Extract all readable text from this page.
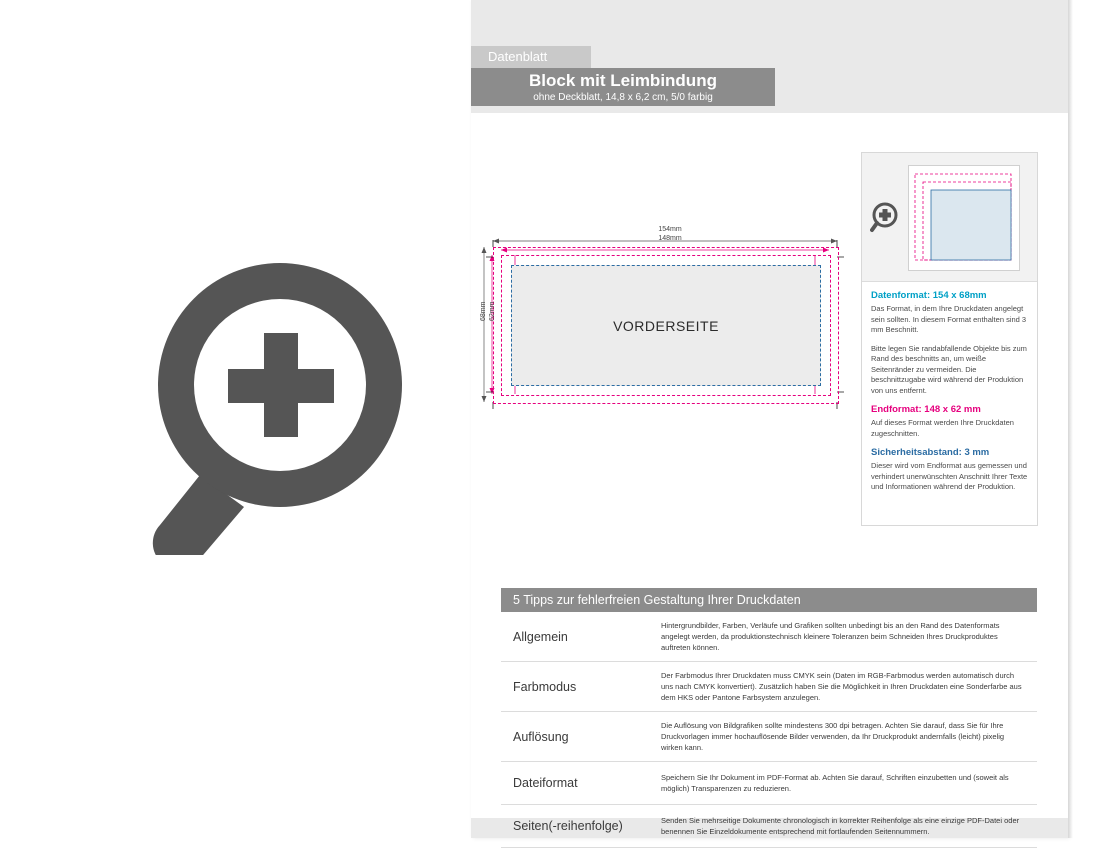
Datenblatt
Block mit Leimbindung
ohne Deckblatt, 14,8 x 6,2 cm, 5/0 farbig
154mm
148mm
VORDERSEITE
68mm 62mm
Datenformat: 154 x 68mm

Das Format, in dem Ihre Druckdaten angelegt sein sollten. In diesem Format enthalten sind 3 mm Beschnitt.

Bitte legen Sie randabfallende Objekte bis zum Rand des beschnitts an, um weiße Seitenränder zu vermeiden. Die beschnittzugabe wird während der Produktion von uns entfernt.

Endformat: 148 x 62 mm

Auf dieses Format werden Ihre Druckdaten zugeschnitten.

Sicherheitsabstand: 3 mm

Dieser wird vom Endformat aus gemessen und verhindert unerwünschten Anschnitt Ihrer Texte und Informationen während der Produktion.

5 Tipps zur fehlerfreien Gestaltung Ihrer Druckdaten
Allgemein
Hintergrundbilder, Farben, Verläufe und Grafiken sollten unbedingt bis an den Rand des Datenformats angelegt werden, da produktionstechnisch kleinere Toleranzen beim Schneiden Ihres Druckproduktes auftreten können.
Farbmodus
Der Farbmodus Ihrer Druckdaten muss CMYK sein (Daten im RGB-Farbmodus werden automatisch durch uns nach CMYK konvertiert). Zusätzlich haben Sie die Möglichkeit in Ihren Druckdaten eine Sonderfarbe aus dem HKS oder Pantone Farbsystem anzulegen.
Auflösung
Die Auflösung von Bildgrafiken sollte mindestens 300 dpi betragen. Achten Sie darauf, dass Sie für Ihre Druckvorlagen immer hochauflösende Bilder verwenden, da Ihr Druckprodukt andernfalls (leicht) pixelig wirken kann.
Dateiformat	Speichern Sie Ihr Dokument im PDF-Format ab. Achten Sie darauf, Schriften einzubetten und (soweit als möglich) Transparenzen zu reduzieren.
Seiten(-reihenfolge)	Senden Sie mehrseitige Dokumente chronologisch in korrekter Reihenfolge als eine einzige PDF-Datei oder benennen Sie Einzeldokumente entsprechend mit fortlaufenden Seitennummern.
